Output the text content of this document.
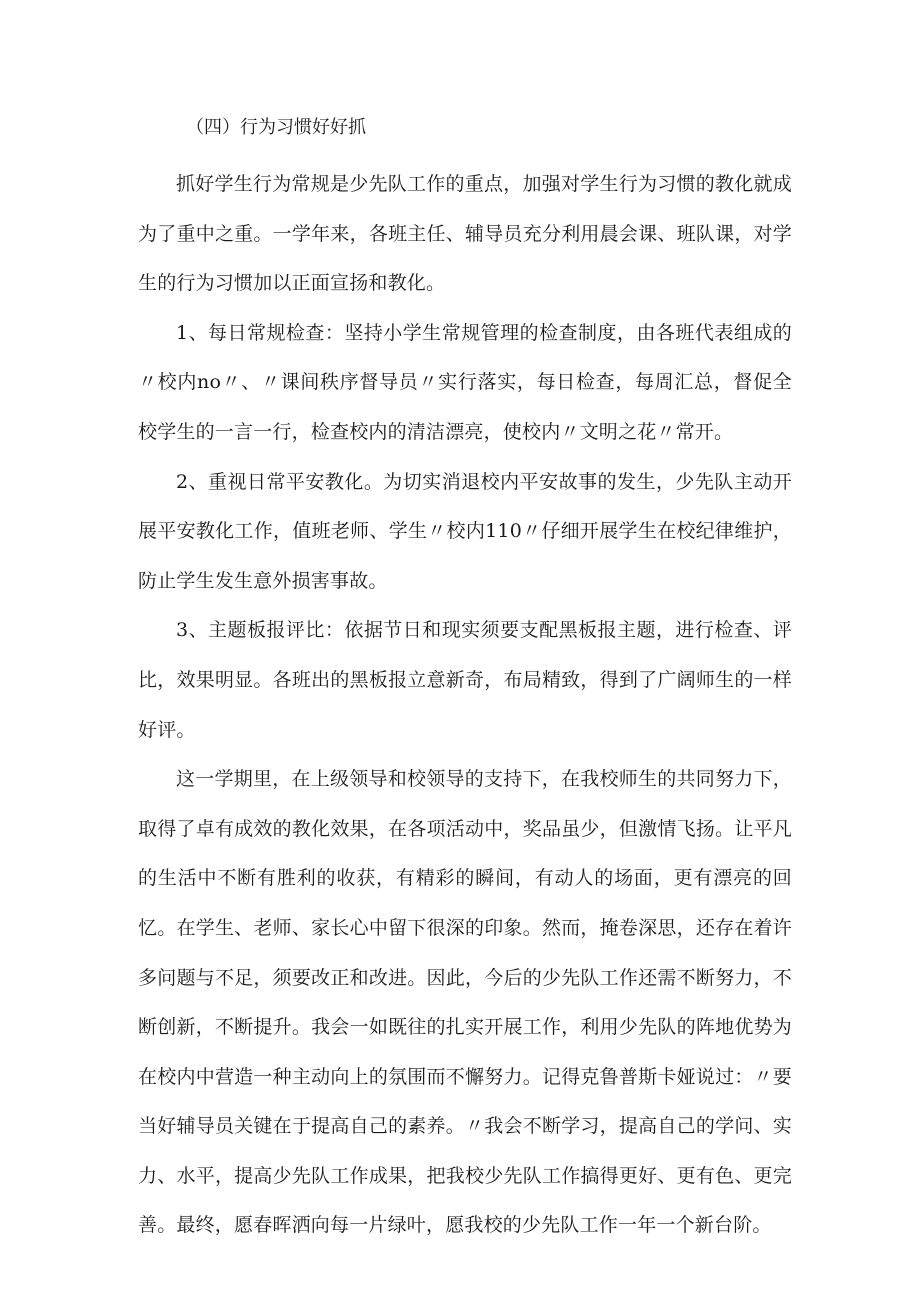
（四）行为习惯好好抓

抓好学生行为常规是少先队工作的重点，加强对学生行为习惯的教化就成为了重中之重。一学年来，各班主任、辅导员充分利用晨会课、班队课，对学生的行为习惯加以正面宣扬和教化。

1、每日常规检查：坚持小学生常规管理的检查制度，由各班代表组成的〃校内no〃、〃课间秩序督导员〃实行落实，每日检查，每周汇总，督促全校学生的一言一行，检查校内的清洁漂亮，使校内〃文明之花〃常开。

2、重视日常平安教化。为切实消退校内平安故事的发生，少先队主动开展平安教化工作，值班老师、学生〃校内110〃仔细开展学生在校纪律维护，防止学生发生意外损害事故。

3、主题板报评比：依据节日和现实须要支配黑板报主题，进行检查、评比，效果明显。各班出的黑板报立意新奇，布局精致，得到了广阔师生的一样好评。

这一学期里，在上级领导和校领导的支持下，在我校师生的共同努力下，取得了卓有成效的教化效果，在各项活动中，奖品虽少，但激情飞扬。让平凡的生活中不断有胜利的收获，有精彩的瞬间，有动人的场面，更有漂亮的回忆。在学生、老师、家长心中留下很深的印象。然而，掩卷深思，还存在着许多问题与不足，须要改正和改进。因此，今后的少先队工作还需不断努力，不断创新，不断提升。我会一如既往的扎实开展工作，利用少先队的阵地优势为在校内中营造一种主动向上的氛围而不懈努力。记得克鲁普斯卡娅说过：〃要当好辅导员关键在于提高自己的素养。〃我会不断学习，提高自己的学问、实力、水平，提高少先队工作成果，把我校少先队工作搞得更好、更有色、更完善。最终，愿春晖洒向每一片绿叶，愿我校的少先队工作一年一个新台阶。
